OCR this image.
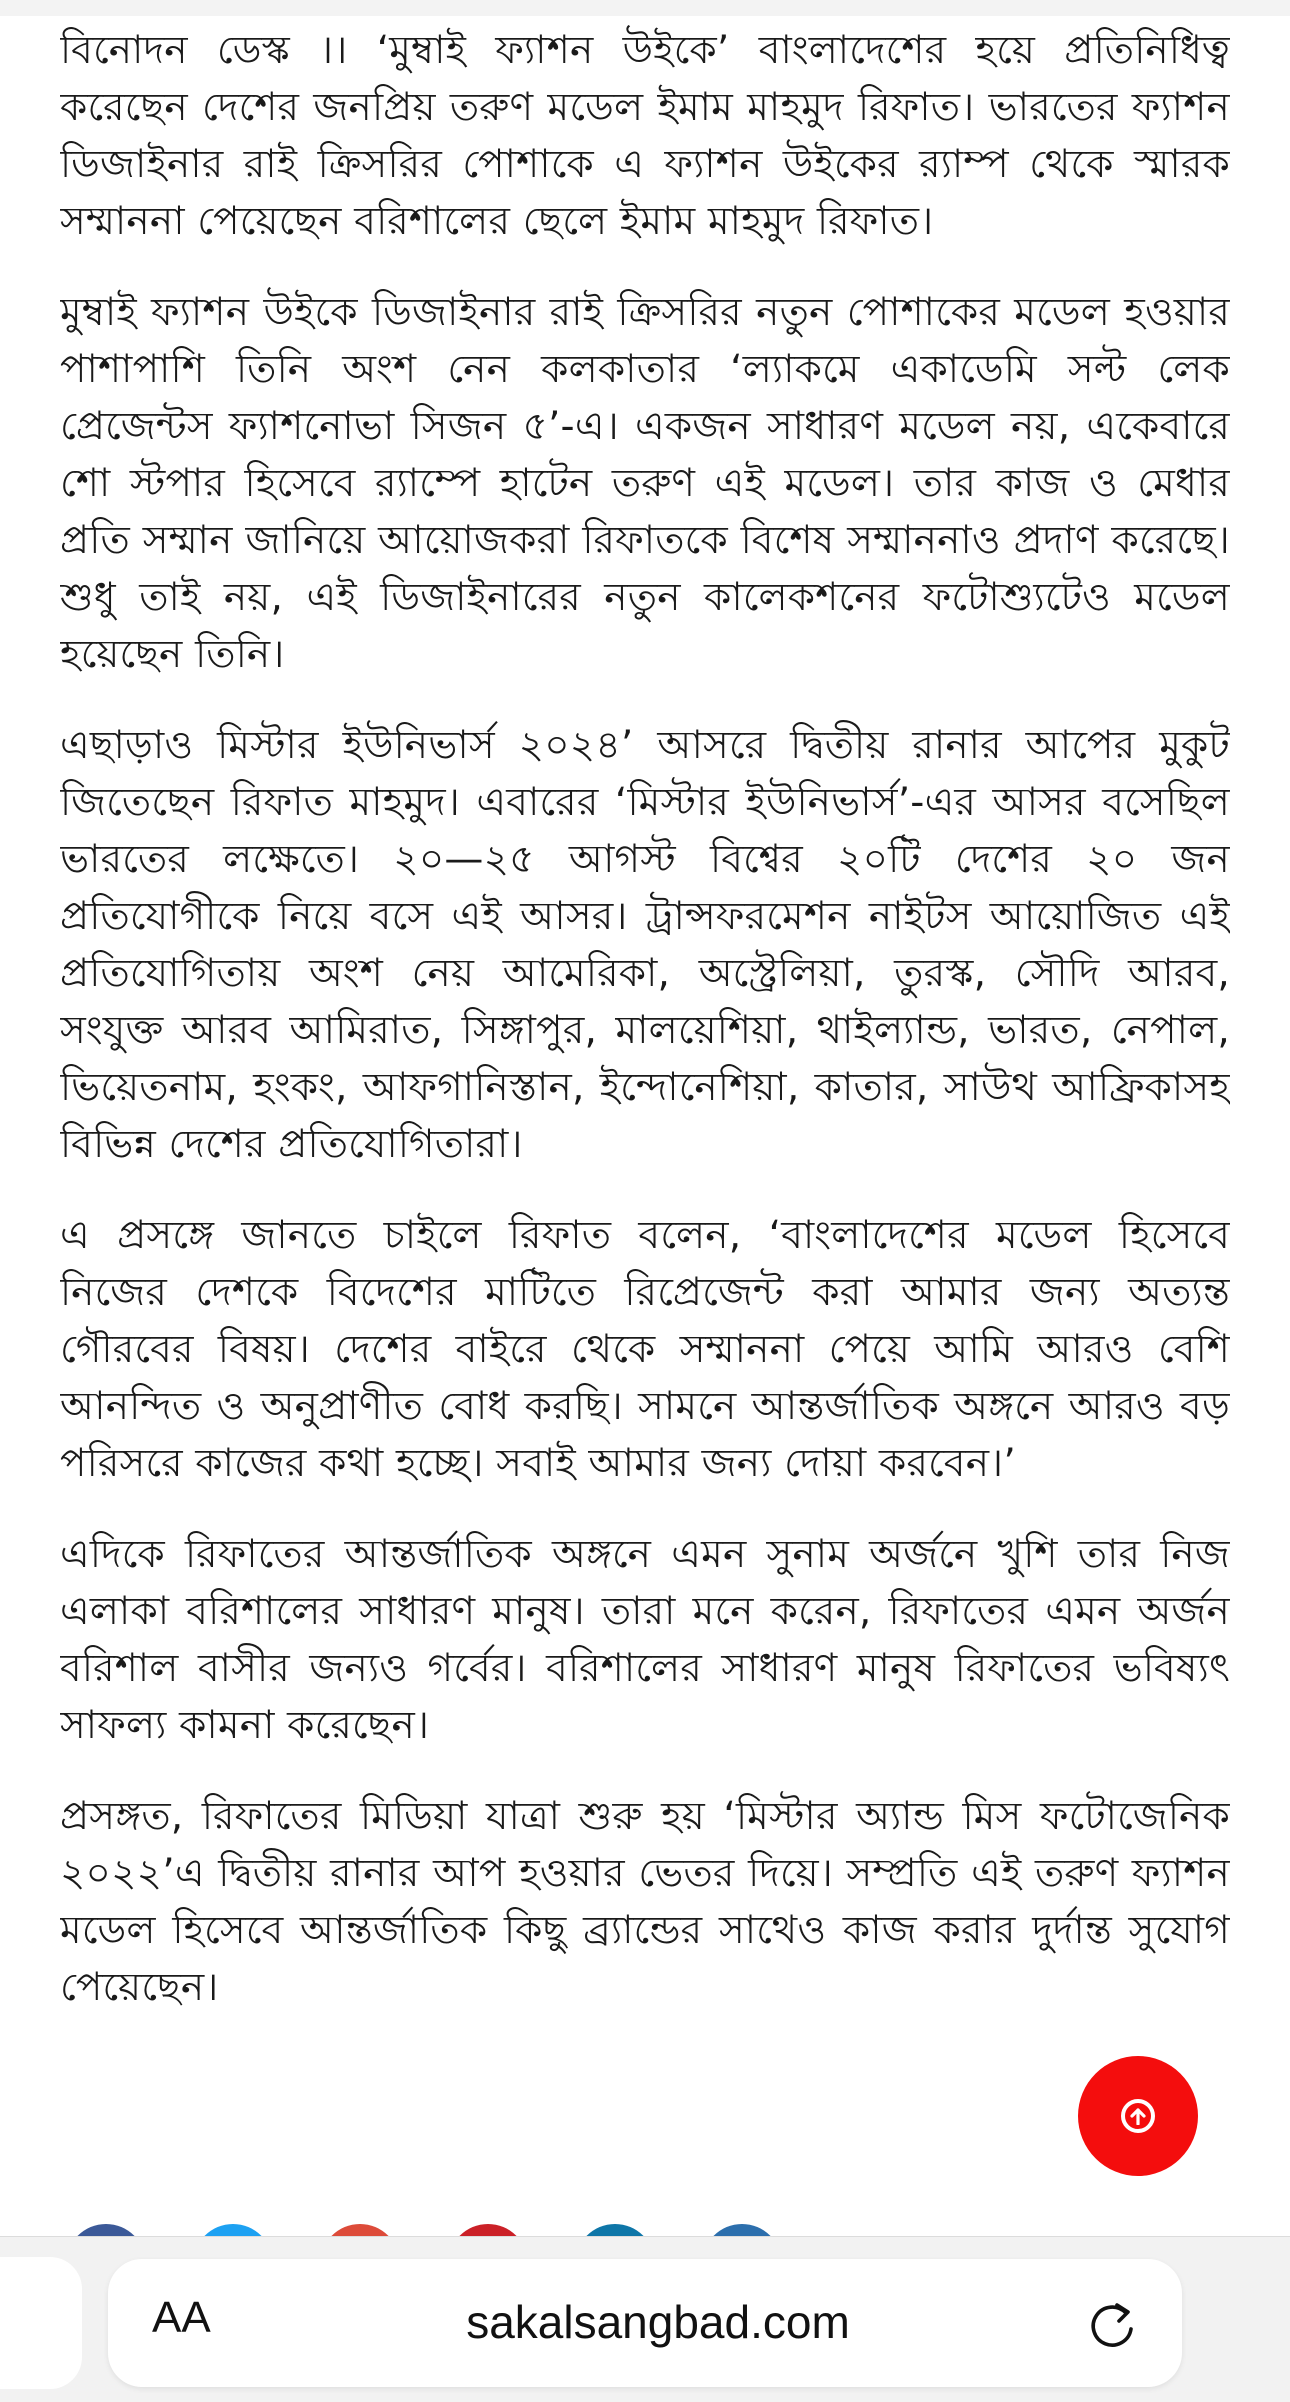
বিনোদন ডেস্ক ।। ‘মুম্বাই ফ্যাশন উইকে’ বাংলাদেশের হয়ে প্রতিনিধিত্ব করেছেন দেশের জনপ্রিয় তরুণ মডেল ইমাম মাহমুদ রিফাত। ভারতের ফ্যাশন ডিজাইনার রাই ক্রিসরির পোশাকে এ ফ্যাশন উইকের র‍্যাম্প থেকে স্মারক সম্মাননা পেয়েছেন বরিশালের ছেলে ইমাম মাহমুদ রিফাত।

মুম্বাই ফ্যাশন উইকে ডিজাইনার রাই ক্রিসরির নতুন পোশাকের মডেল হওয়ার পাশাপাশি তিনি অংশ নেন কলকাতার ‘ল্যাকমে একাডেমি সল্ট লেক প্রেজেন্টস ফ্যাশনোভা সিজন ৫’-এ। একজন সাধারণ মডেল নয়, একেবারে শো স্টপার হিসেবে র‍্যাম্পে হাটেন তরুণ এই মডেল। তার কাজ ও মেধার প্রতি সম্মান জানিয়ে আয়োজকরা রিফাতকে বিশেষ সম্মাননাও প্রদাণ করেছে। শুধু তাই নয়, এই ডিজাইনারের নতুন কালেকশনের ফটোশ্যুটেও মডেল হয়েছেন তিনি।

এছাড়াও মিস্টার ইউনিভার্স ২০২৪’ আসরে দ্বিতীয় রানার আপের মুকুট জিতেছেন রিফাত মাহমুদ। এবারের ‘মিস্টার ইউনিভার্স’-এর আসর বসেছিল ভারতের লক্ষেতে। ২০—২৫ আগস্ট বিশ্বের ২০টি দেশের ২০ জন প্রতিযোগীকে নিয়ে বসে এই আসর। ট্রান্সফরমেশন নাইটস আয়োজিত এই প্রতিযোগিতায় অংশ নেয় আমেরিকা, অস্ট্রেলিয়া, তুরস্ক, সৌদি আরব, সংযুক্ত আরব আমিরাত, সিঙ্গাপুর, মালয়েশিয়া, থাইল্যান্ড, ভারত, নেপাল, ভিয়েতনাম, হংকং, আফগানিস্তান, ইন্দোনেশিয়া, কাতার, সাউথ আফ্রিকাসহ বিভিন্ন দেশের প্রতিযোগিতারা।

এ প্রসঙ্গে জানতে চাইলে রিফাত বলেন, ‘বাংলাদেশের মডেল হিসেবে নিজের দেশকে বিদেশের মাটিতে রিপ্রেজেন্ট করা আমার জন্য অত্যন্ত গৌরবের বিষয়। দেশের বাইরে থেকে সম্মাননা পেয়ে আমি আরও বেশি আনন্দিত ও অনুপ্রাণীত বোধ করছি। সামনে আন্তর্জাতিক অঙ্গনে আরও বড় পরিসরে কাজের কথা হচ্ছে। সবাই আমার জন্য দোয়া করবেন।’

এদিকে রিফাতের আন্তর্জাতিক অঙ্গনে এমন সুনাম অর্জনে খুশি তার নিজ এলাকা বরিশালের সাধারণ মানুষ। তারা মনে করেন, রিফাতের এমন অর্জন বরিশাল বাসীর জন্যও গর্বের। বরিশালের সাধারণ মানুষ রিফাতের ভবিষ্যৎ সাফল্য কামনা করেছেন।

প্রসঙ্গত, রিফাতের মিডিয়া যাত্রা শুরু হয় ‘মিস্টার অ্যান্ড মিস ফটোজেনিক ২০২২’এ দ্বিতীয় রানার আপ হওয়ার ভেতর দিয়ে। সম্প্রতি এই তরুণ ফ্যাশন মডেল হিসেবে আন্তর্জাতিক কিছু ব্র্যান্ডের সাথেও কাজ করার দুর্দান্ত সুযোগ পেয়েছেন।

AA	sakalsangbad.com
